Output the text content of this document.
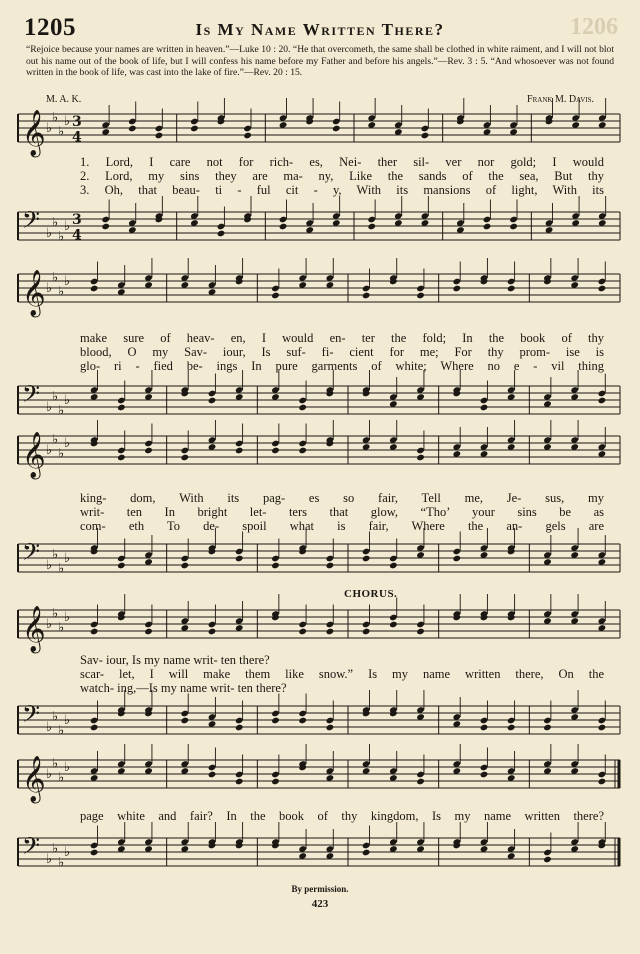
1205	Is My Name Written There?	1206
“Rejoice because your names are written in heaven.”—Luke 10 : 20. “He that overcometh, the same shall be clothed in white raiment, and I will not blot out his name out of the book of life, but I will confess his name before my Father and before his angels.”—Rev. 3 : 5. “And whosoever was not found written in the book of life, was cast into the lake of fire.”—Rev. 20 : 15.
M. A. K.	Frank M. Davis.
𝄞 ♭
♭
♭
♭ 3
4
1. Lord, I care not for rich- es, Nei- ther sil- ver nor gold; I would
2. Lord, my sins they are ma- ny, Like the sands of the sea, But thy
3. Oh, that beau- ti - ful cit - y, With its mansions of light, With its
𝄢 ♭
♭
♭
♭ 3
4
𝄞 ♭
♭
♭
♭
make sure of heav- en, I would en- ter the fold; In the book of thy
blood, O my Sav- iour, Is suf- fi- cient for me; For thy prom- ise is
glo- ri - fied be- ings In pure garments of white; Where no e - vil thing
𝄢 ♭
♭
♭
♭
𝄞 ♭
♭
♭
♭
king- dom, With its pag- es so fair, Tell me, Je- sus, my
writ- ten In bright let- ters that glow, “Tho’ your sins be as
com- eth To de- spoil what is fair, Where the an- gels are
𝄢 ♭
♭
♭
♭
CHORUS.
𝄞 ♭
♭
♭
♭
Sav- iour, Is my name writ- ten there?
scar- let, I will make them like snow.” Is my name written there, On the
watch- ing,—Is my name writ- ten there?
𝄢 ♭
♭
♭
♭
𝄞 ♭
♭
♭
♭
page white and fair? In the book of thy kingdom, Is my name written there?
𝄢 ♭
♭
♭
♭
By permission.
423
